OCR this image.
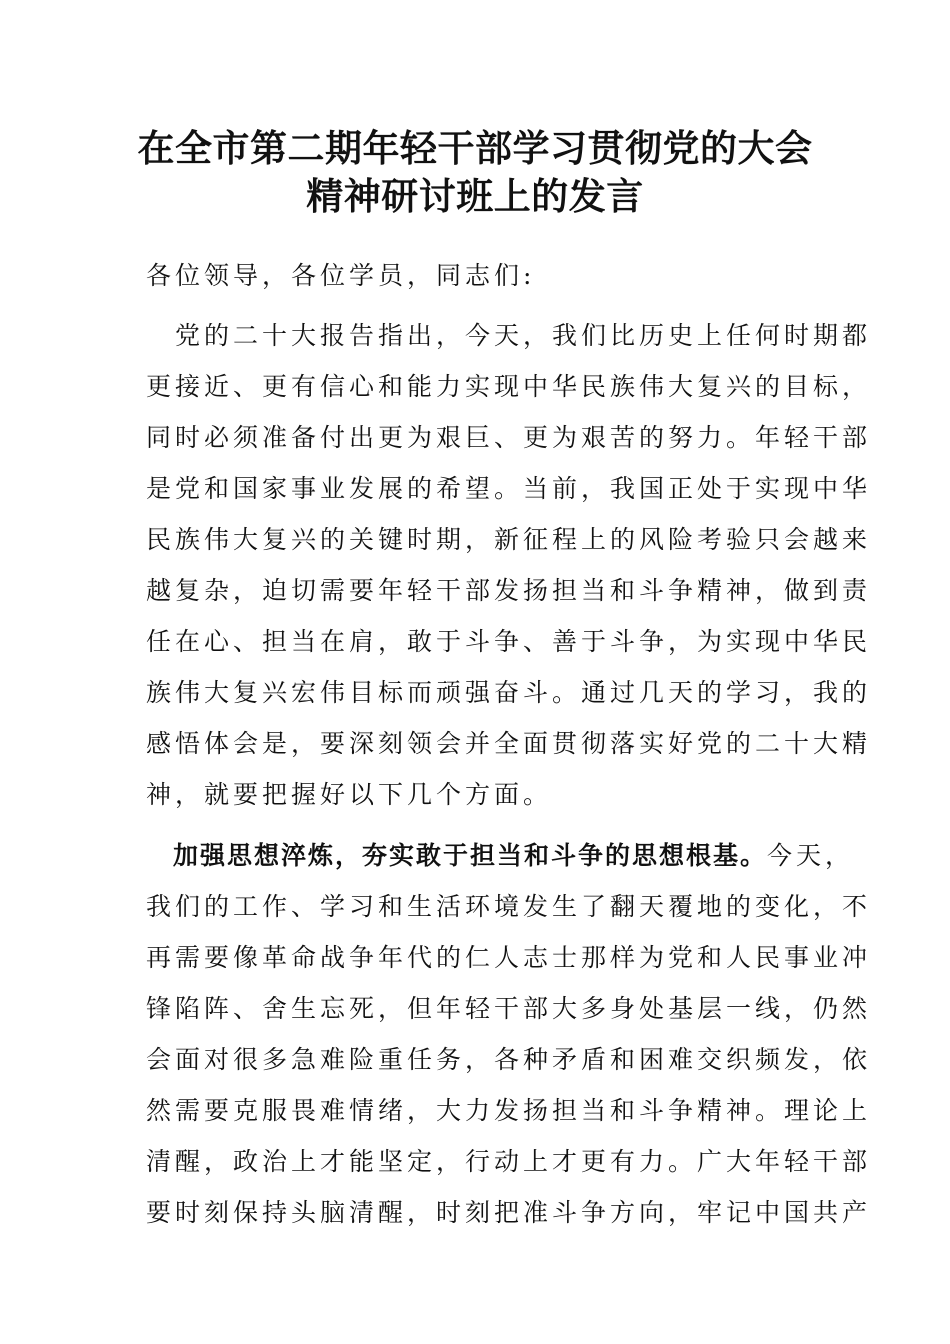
在全市第二期年轻干部学习贯彻党的大会
精神研讨班上的发言

各位领导，各位学员，同志们:

　党的二十大报告指出，今天，我们比历史上任何时期都

更接近、更有信心和能力实现中华民族伟大复兴的目标，

同时必须准备付出更为艰巨、更为艰苦的努力。年轻干部

是党和国家事业发展的希望。当前，我国正处于实现中华

民族伟大复兴的关键时期，新征程上的风险考验只会越来

越复杂，迫切需要年轻干部发扬担当和斗争精神，做到责

任在心、担当在肩，敢于斗争、善于斗争，为实现中华民

族伟大复兴宏伟目标而顽强奋斗。通过几天的学习，我的

感悟体会是，要深刻领会并全面贯彻落实好党的二十大精

神，就要把握好以下几个方面。

　加强思想淬炼，夯实敢于担当和斗争的思想根基。今天，

我们的工作、学习和生活环境发生了翻天覆地的变化，不

再需要像革命战争年代的仁人志士那样为党和人民事业冲

锋陷阵、舍生忘死，但年轻干部大多身处基层一线，仍然

会面对很多急难险重任务，各种矛盾和困难交织频发，依

然需要克服畏难情绪，大力发扬担当和斗争精神。理论上

清醒，政治上才能坚定，行动上才更有力。广大年轻干部

要时刻保持头脑清醒，时刻把准斗争方向，牢记中国共产
